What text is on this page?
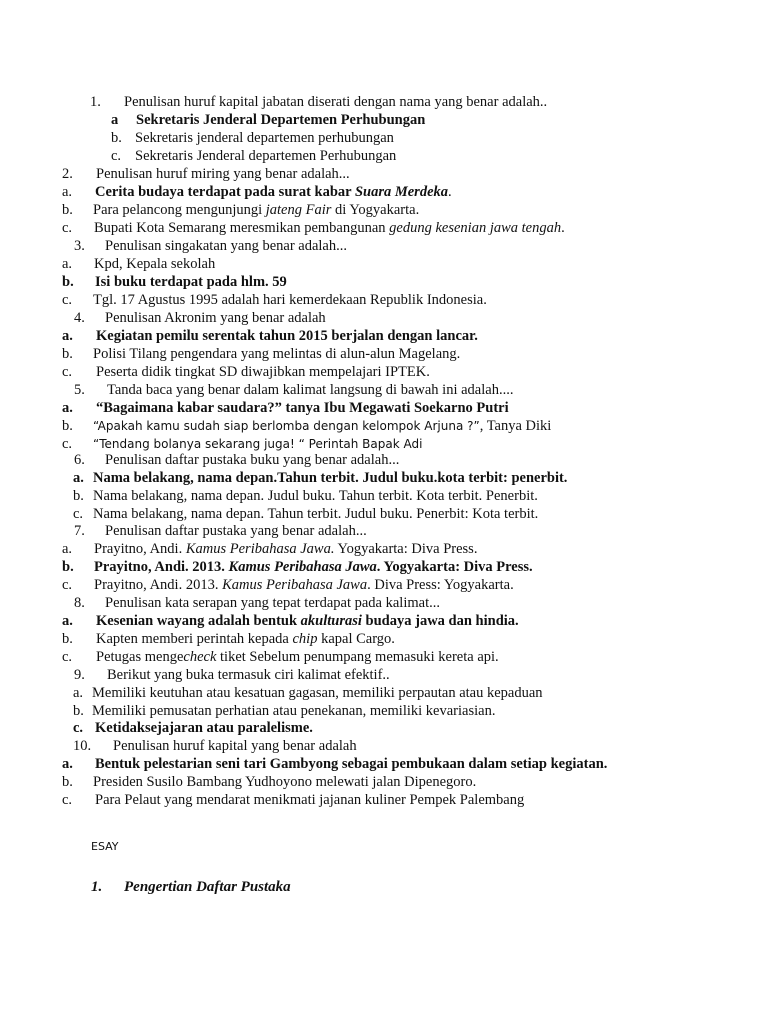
1. Penulisan huruf kapital jabatan diserati dengan nama yang benar adalah..
a Sekretaris Jenderal Departemen Perhubungan
b. Sekretaris jenderal departemen perhubungan
c. Sekretaris Jenderal departemen Perhubungan
2. Penulisan huruf miring yang benar adalah...
a. Cerita budaya terdapat pada surat kabar Suara Merdeka.
b. Para pelancong mengunjungi jateng Fair di Yogyakarta.
c. Bupati Kota Semarang meresmikan pembangunan gedung kesenian jawa tengah.
3. Penulisan singakatan yang benar adalah...
a. Kpd, Kepala sekolah
b. Isi buku terdapat pada hlm. 59
c. Tgl. 17 Agustus 1995 adalah hari kemerdekaan Republik Indonesia.
4. Penulisan Akronim yang benar adalah
a. Kegiatan pemilu serentak tahun 2015 berjalan dengan lancar.
b. Polisi Tilang pengendara yang melintas di alun-alun Magelang.
c. Peserta didik tingkat SD diwajibkan mempelajari IPTEK.
5. Tanda baca yang benar dalam kalimat langsung di bawah ini adalah....
a. “Bagaimana kabar saudara?” tanya Ibu Megawati Soekarno Putri
b. “Apakah kamu sudah siap berlomba dengan kelompok Arjuna ?”, Tanya Diki
c. “Tendang bolanya sekarang juga! “ Perintah Bapak Adi
6. Penulisan daftar pustaka buku yang benar adalah...
a. Nama belakang, nama depan.Tahun terbit. Judul buku.kota terbit: penerbit.
b. Nama belakang, nama depan. Judul buku. Tahun terbit. Kota terbit. Penerbit.
c. Nama belakang, nama depan. Tahun terbit. Judul buku. Penerbit: Kota terbit.
7. Penulisan daftar pustaka yang benar adalah...
a. Prayitno, Andi. Kamus Peribahasa Jawa. Yogyakarta: Diva Press.
b. Prayitno, Andi. 2013. Kamus Peribahasa Jawa. Yogyakarta: Diva Press.
c. Prayitno, Andi. 2013. Kamus Peribahasa Jawa. Diva Press: Yogyakarta.
8. Penulisan kata serapan yang tepat terdapat pada kalimat...
a. Kesenian wayang adalah bentuk akulturasi budaya jawa dan hindia.
b. Kapten memberi perintah kepada chip kapal Cargo.
c. Petugas mengecheck tiket Sebelum penumpang memasuki kereta api.
9. Berikut yang buka termasuk ciri kalimat efektif..
a. Memiliki keutuhan atau kesatuan gagasan, memiliki perpautan atau kepaduan
b. Memiliki pemusatan perhatian atau penekanan, memiliki kevariasian.
c. Ketidaksejajaran atau paralelisme.
10. Penulisan huruf kapital yang benar adalah
a. Bentuk pelestarian seni tari Gambyong sebagai pembukaan dalam setiap kegiatan.
b. Presiden Susilo Bambang Yudhoyono melewati jalan Dipenegoro.
c. Para Pelaut yang mendarat menikmati jajanan kuliner Pempek Palembang
ESAY
1. Pengertian Daftar Pustaka
